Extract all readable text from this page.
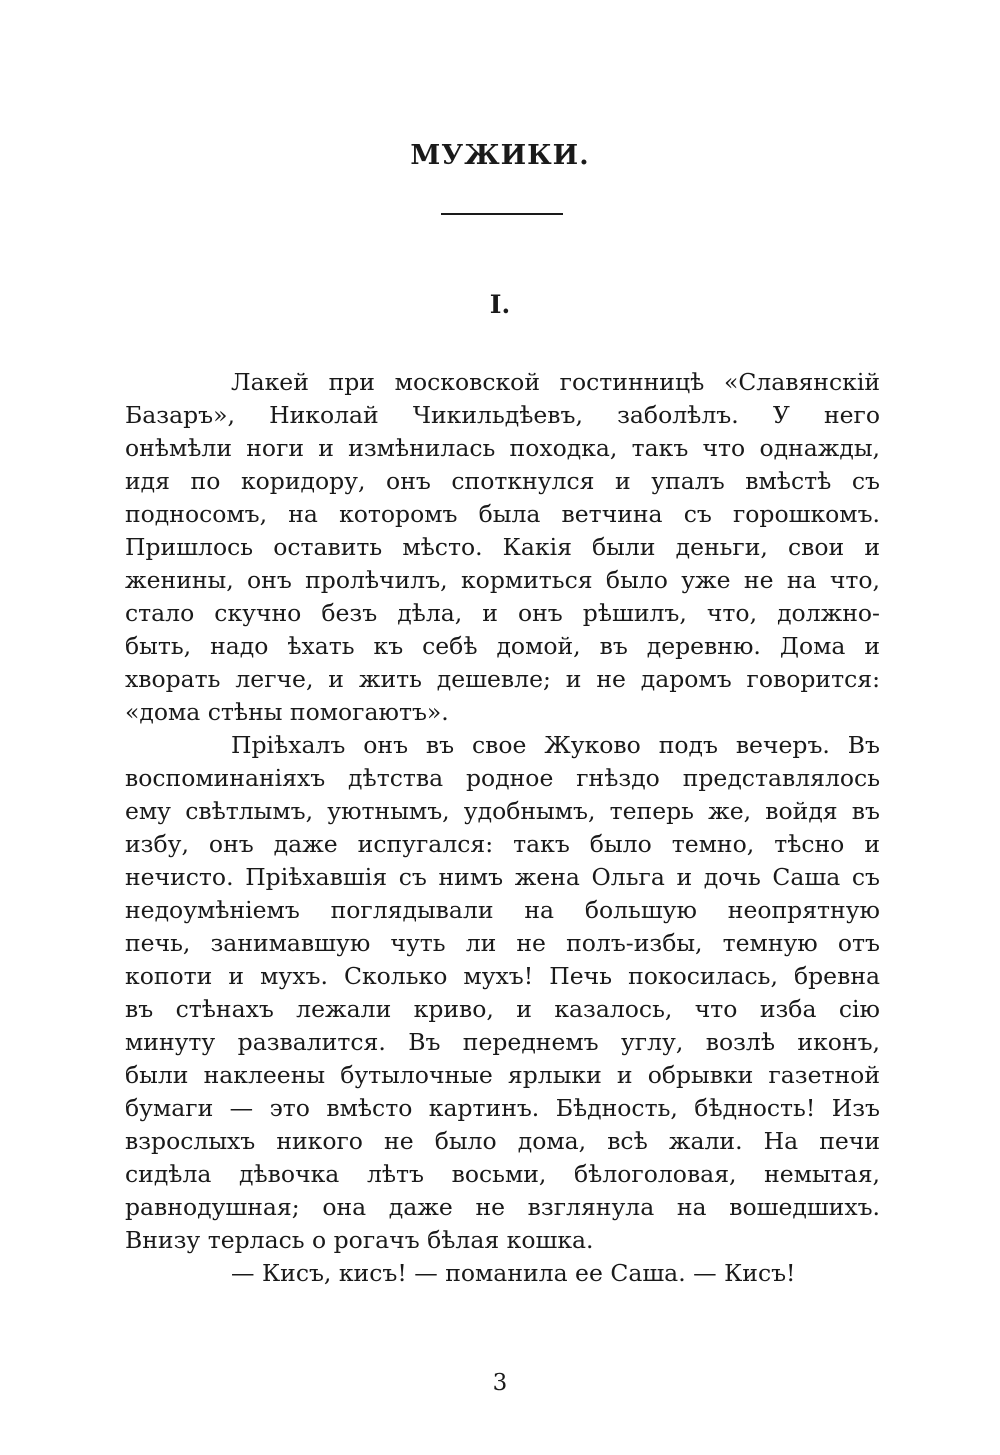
МУЖИКИ.
I.
Лакей при московской гостинницѣ «Славянскій
Базаръ», Николай Чикильдѣевъ, заболѣлъ. У него
онѣмѣли ноги и измѣнилась походка, такъ что однажды,
идя по коридору, онъ споткнулся и упалъ вмѣстѣ съ
подносомъ, на которомъ была ветчина съ горошкомъ.
Пришлось оставить мѣсто. Какія были деньги, свои и
женины, онъ пролѣчилъ, кормиться было уже не на что,
стало скучно безъ дѣла, и онъ рѣшилъ, что, должно-
быть, надо ѣхать къ себѣ домой, въ деревню. Дома и
хворать легче, и жить дешевле; и не даромъ говорится:
«дома стѣны помогаютъ».
Пріѣхалъ онъ въ свое Жуково подъ вечеръ. Въ
воспоминаніяхъ дѣтства родное гнѣздо представлялось
ему свѣтлымъ, уютнымъ, удобнымъ, теперь же, войдя въ
избу, онъ даже испугался: такъ было темно, тѣсно и
нечисто. Пріѣхавшія съ нимъ жена Ольга и дочь Саша съ
недоумѣніемъ поглядывали на большую неопрятную
печь, занимавшую чуть ли не полъ-избы, темную отъ
копоти и мухъ. Сколько мухъ! Печь покосилась, бревна
въ стѣнахъ лежали криво, и казалось, что изба сію
минуту развалится. Въ переднемъ углу, возлѣ иконъ,
были наклеены бутылочные ярлыки и обрывки газетной
бумаги — это вмѣсто картинъ. Бѣдность, бѣдность! Изъ
взрослыхъ никого не было дома, всѣ жали. На печи
сидѣла дѣвочка лѣтъ восьми, бѣлоголовая, немытая,
равнодушная; она даже не взглянула на вошедшихъ.
Внизу терлась о рогачъ бѣлая кошка.
— Кисъ, кисъ! — поманила ее Саша. — Кисъ!
3
